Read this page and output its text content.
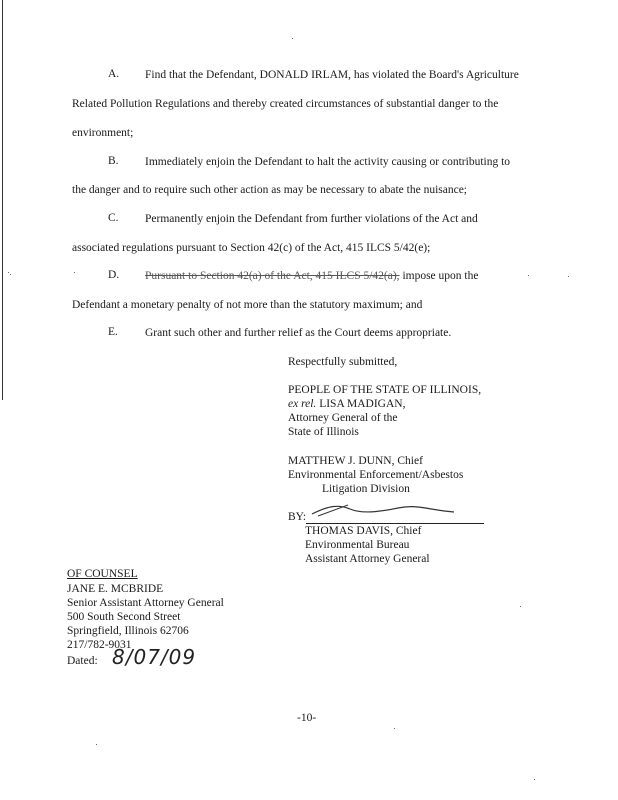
A. Find that the Defendant, DONALD IRLAM, has violated the Board's Agriculture
Related Pollution Regulations and thereby created circumstances of substantial danger to the
environment;
B. Immediately enjoin the Defendant to halt the activity causing or contributing to
the danger and to require such other action as may be necessary to abate the nuisance;
C. Permanently enjoin the Defendant from further violations of the Act and
associated regulations pursuant to Section 42(c) of the Act, 415 ILCS 5/42(e);
D. Pursuant to Section 42(a) of the Act, 415 ILCS 5/42(a), impose upon the
Defendant a monetary penalty of not more than the statutory maximum; and
E. Grant such other and further relief as the Court deems appropriate.
Respectfully submitted,
PEOPLE OF THE STATE OF ILLINOIS,
ex rel. LISA MADIGAN,
Attorney General of the
State of Illinois
MATTHEW J. DUNN, Chief
Environmental Enforcement/Asbestos
Litigation Division
BY:
THOMAS DAVIS, Chief
Environmental Bureau
Assistant Attorney General
OF COUNSEL
JANE E. MCBRIDE
Senior Assistant Attorney General
500 South Second Street
Springfield, Illinois 62706
217/782-9031
Dated: 8/07/09
-10-
